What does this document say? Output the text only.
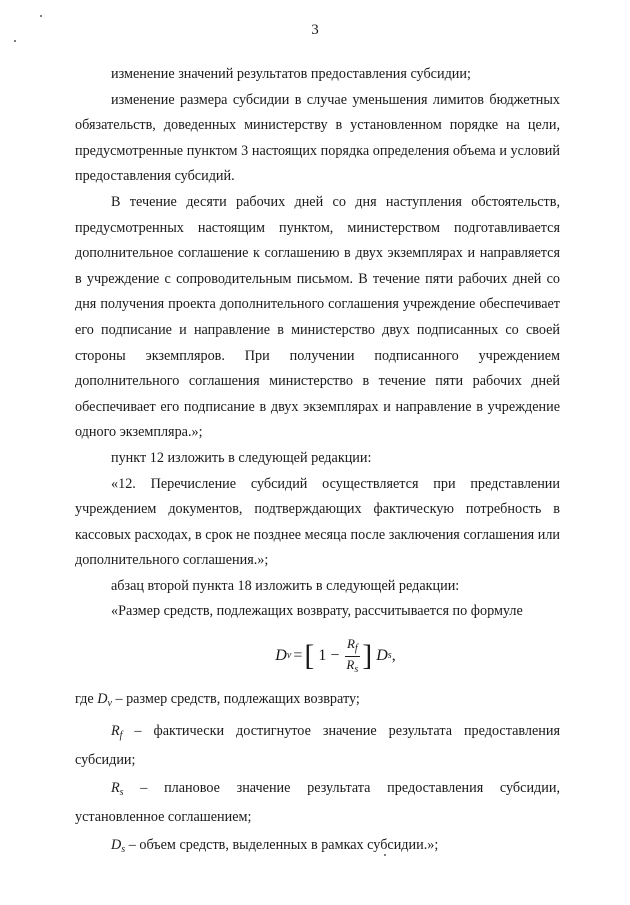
3

изменение значений результатов предоставления субсидии;

изменение размера субсидии в случае уменьшения лимитов бюджетных обязательств, доведенных министерству в установленном порядке на цели, предусмотренные пунктом 3 настоящих порядка определения объема и условий предоставления субсидий.

В течение десяти рабочих дней со дня наступления обстоятельств, предусмотренных настоящим пунктом, министерством подготавливается дополнительное соглашение к соглашению в двух экземплярах и направляется в учреждение с сопроводительным письмом. В течение пяти рабочих дней со дня получения проекта дополнительного соглашения учреждение обеспечивает его подписание и направление в министерство двух подписанных со своей стороны экземпляров. При получении подписанного учреждением дополнительного соглашения министерство в течение пяти рабочих дней обеспечивает его подписание в двух экземплярах и направление в учреждение одного экземпляра.»;

пункт 12 изложить в следующей редакции:

«12. Перечисление субсидий осуществляется при представлении учреждением документов, подтверждающих фактическую потребность в кассовых расходах, в срок не позднее месяца после заключения соглашения или дополнительного соглашения.»;

абзац второй пункта 18 изложить в следующей редакции:

«Размер средств, подлежащих возврату, рассчитывается по формуле

D v = [ $1 - \frac{R_f}{R_s}$ ] D s ,

где $D_v$ – размер средств, подлежащих возврату;

$R_f$ – фактически достигнутое значение результата предоставления субсидии;

$R_s$ – плановое значение результата предоставления субсидии, установленное соглашением;

$D_s$ – объем средств, выделенных в рамках субсидии.»;
